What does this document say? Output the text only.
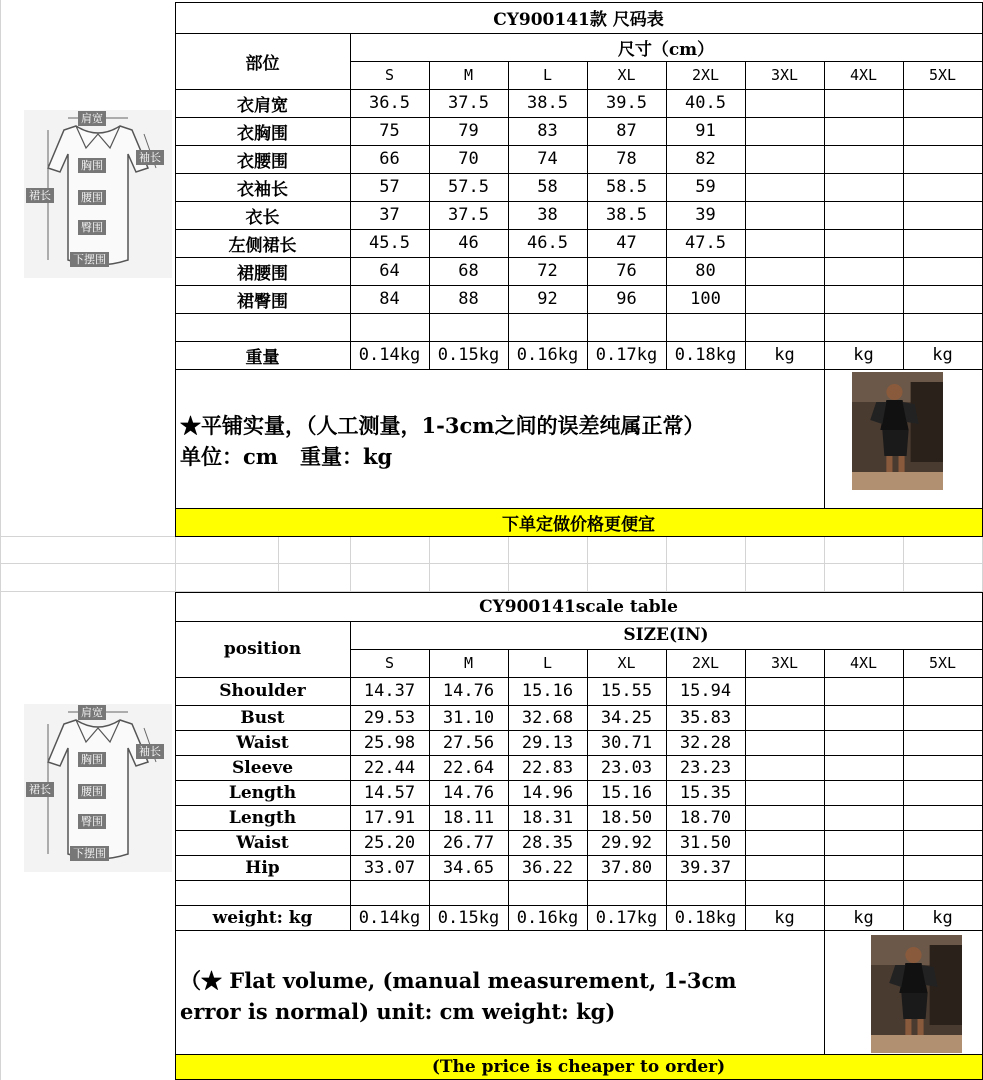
CY900141款 尺码表
部位
尺寸（cm）
S	M	L	XL	2XL	3XL	4XL	5XL
衣肩宽	36.5	37.5	38.5	39.5	40.5
衣胸围	75	79	83	87	91
衣腰围	66	70	74	78	82
衣袖长	57	57.5	58	58.5	59
衣长	37	37.5	38	38.5	39
左侧裙长	45.5	46	46.5	47	47.5
裙腰围	64	68	72	76	80
裙臀围	84	88	92	96	100
重量	0.14kg	0.15kg	0.16kg	0.17kg	0.18kg	kg	kg	kg
★平铺实量，（人工测量，1-3cm之间的误差纯属正常）
单位：cm   重量：kg
下单定做价格更便宜
肩宽
袖长
胸围
裙长	腰围
臀围
下摆围
CY900141scale table
position
SIZE(IN)
S	M	L	XL	2XL	3XL	4XL	5XL
Shoulder	14.37	14.76	15.16	15.55	15.94
Bust	29.53	31.10	32.68	34.25	35.83
Waist	25.98	27.56	29.13	30.71	32.28
Sleeve	22.44	22.64	22.83	23.03	23.23
Length	14.57	14.76	14.96	15.16	15.35
Length	17.91	18.11	18.31	18.50	18.70
Waist	25.20	26.77	28.35	29.92	31.50
Hip	33.07	34.65	36.22	37.80	39.37
weight: kg	0.14kg	0.15kg	0.16kg	0.17kg	0.18kg	kg	kg	kg
（★ Flat volume, (manual measurement, 1-3cm
error is normal) unit: cm weight: kg)
(The price is cheaper to order)
肩宽
袖长
胸围
裙长	腰围
臀围
下摆围
